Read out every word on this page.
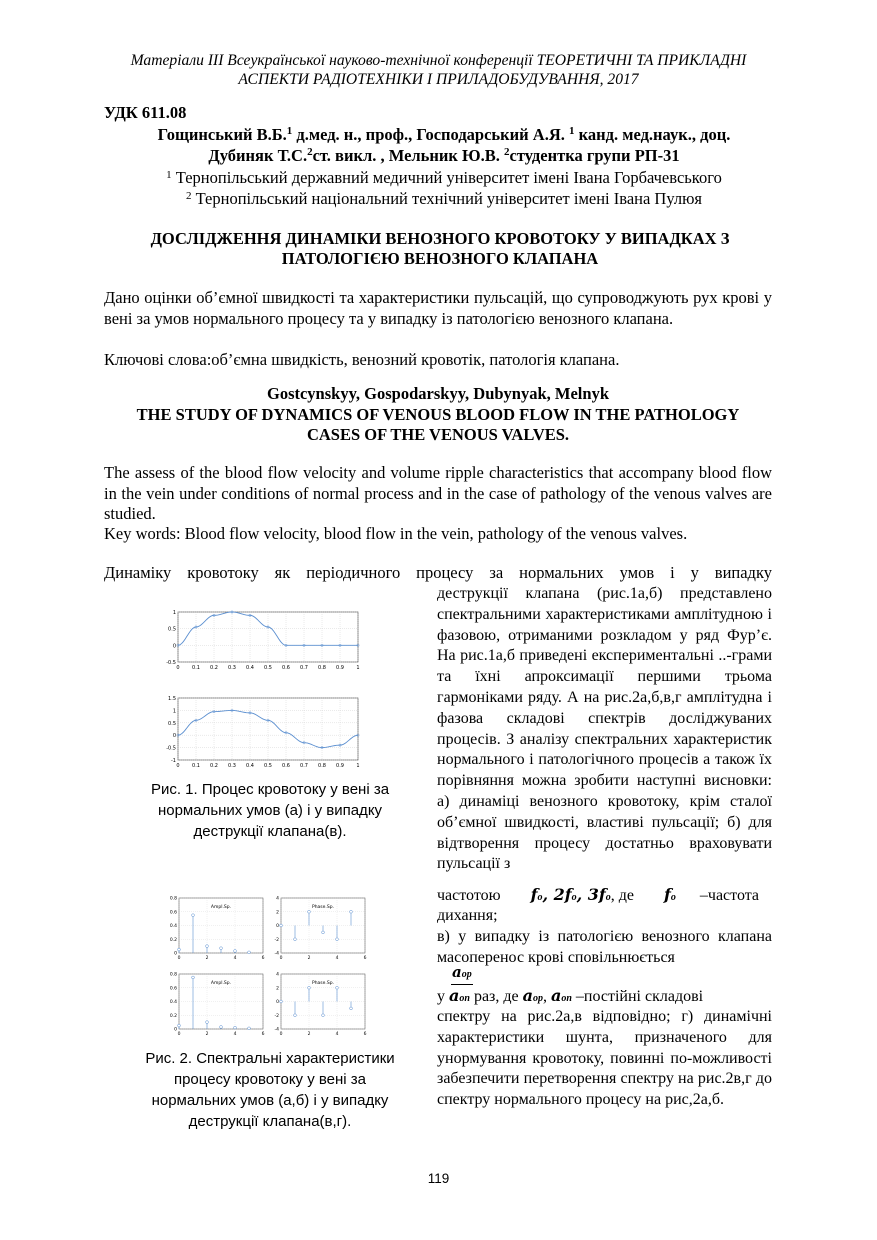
Матеріали ІІІ Всеукраїнської науково-технічної конференції ТЕОРЕТИЧНІ ТА ПРИКЛАДНІ
АСПЕКТИ РАДІОТЕХНІКИ І ПРИЛАДОБУДУВАННЯ, 2017
УДК 611.08
Гощинський В.Б.$^1$ д.мед. н., проф., Господарський А.Я. $^1$ канд. мед.наук., доц.
Дубиняк Т.С.$^2$ст. викл. , Мельник Ю.В. $^2$студентка групи РП-31
$^1$ Тернопільський державний медичний університет імені Івана Горбачевського
$^2$ Тернопільський національний технічний університет імені Івана Пулюя
ДОСЛІДЖЕННЯ ДИНАМІКИ ВЕНОЗНОГО КРОВОТОКУ У ВИПАДКАХ З
ПАТОЛОГІЄЮ ВЕНОЗНОГО КЛАПАНА
Дано оцінки об’ємної швидкості та характеристики пульсацій, що супроводжують рух крові у вені за умов нормального процесу та у випадку із патологією венозного клапана.
Ключові слова:об’ємна швидкість, венозний кровотік, патологія клапана.
Gostcynskyy, Gospodarskyy, Dubynyak, Melnyk
THE STUDY OF DYNAMICS OF VENOUS BLOOD FLOW IN THE PATHOLOGY
CASES OF THE VENOUS VALVES.
The assess of the blood flow velocity and volume ripple characteristics that accompany blood flow in the vein under conditions of normal process and in the case of pathology of the venous valves are studied.
Key words: Blood flow velocity, blood flow in the vein, pathology of the venous valves.
Динаміку кровотоку як періодичного процесу за нормальних умов і у випадку
деструкції клапана (рис.1а,б) представлено спектральними характеристиками амплітудною і фазовою, отриманими розкладом у ряд Фур’є. На рис.1а,б приведені експериментальні ..-грами та їхні апроксимації першими трьома гармоніками ряду. А на рис.2а,б,в,г амплітудна і фазова складові спектрів досліджуваних процесів. З аналізу спектральних характеристик нормального і патологічного процесів а також їх порівняння можна зробити наступні висновки: а) динаміці венозного кровотоку, крім сталої об’ємної швидкості, властиві пульсації; б) для відтворення процесу достатньо враховувати пульсації з
частотою fo, 2fo, 3fo, де fo  –частота
дихання;
в) у випадку із патологією венозного клапана масоперенос крові сповільнюється
aop
у aon раз, де aop, aon –постійні складові
спектру на рис.2а,в відповідно; г) динамічні характеристики шунта, призначеного для унормування кровотоку, повинні по-можливості забезпечити перетворення спектру на рис.2в,г до спектру нормального процесу на рис,2а,б.
0 0.1 0.2 0.3 0.4 0.5 0.6 0.7 0.8 0.9 1
1
0.5
0
-0.5
0 0.1 0.2 0.3 0.4 0.5 0.6 0.7 0.8 0.9 1
1.5
1
0.5
0
-0.5
-1
Рис. 1. Процес кровотоку у вені за
нормальних умов (а) і у випадку
деструкції клапана(в).
0	2	4	6
0.8
0.6
0.4
0.2
0
Ampl.Sp.
0	2	4	6
4
2
0
-2
-4
Phase.Sp.
0	2	4	6
0.8
0.6
0.4
0.2
0
Ampl.Sp.
0	2	4	6
4
2
0
-2
-4
Phase.Sp.
Рис. 2. Спектральні характеристики
процесу кровотоку у вені за
нормальних умов (а,б) і у випадку
деструкції клапана(в,г).
119
